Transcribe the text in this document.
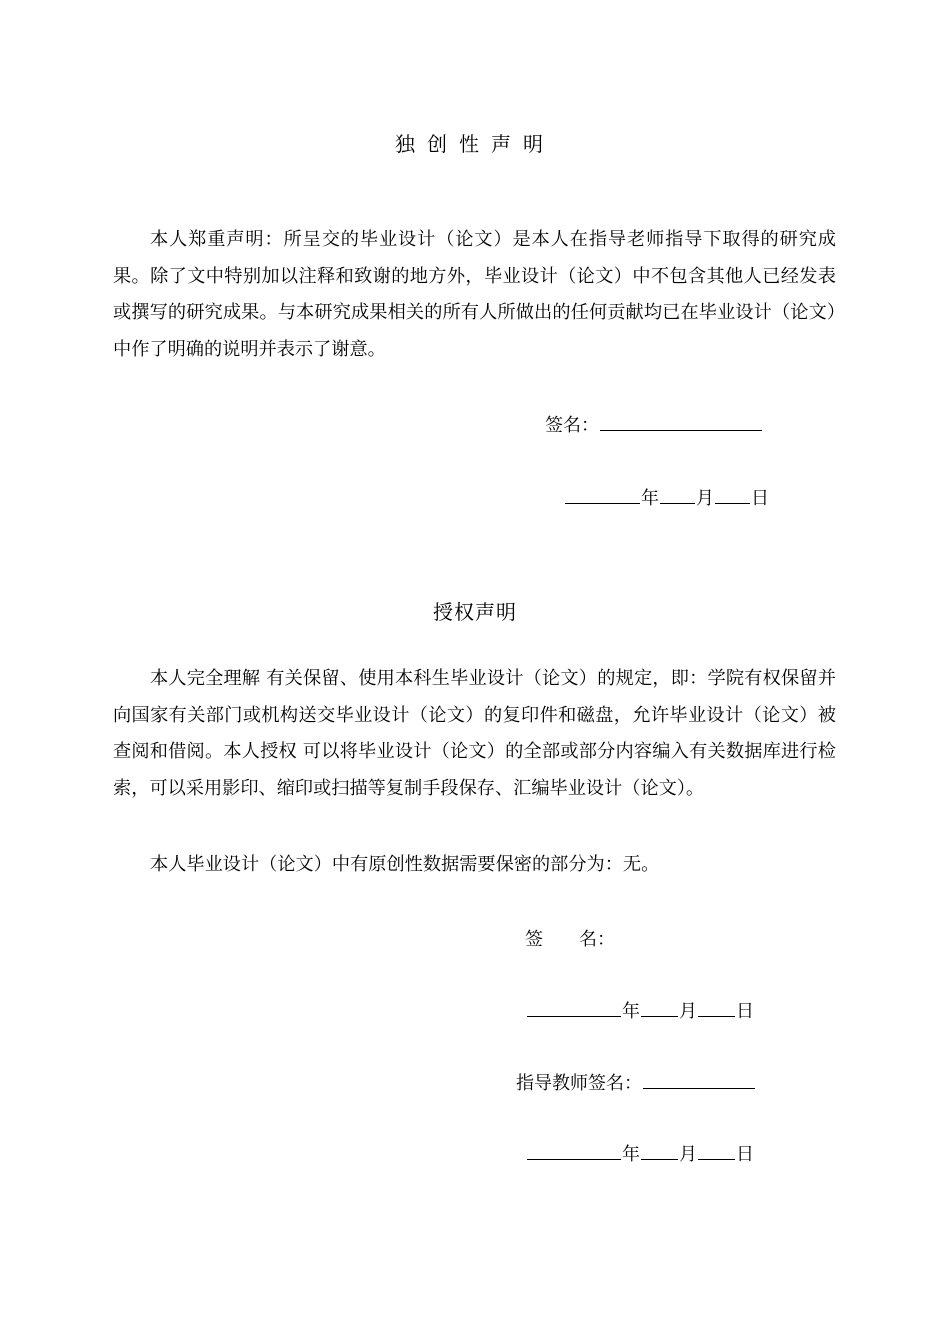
独创性声明
本人郑重声明：所呈交的毕业设计（论文）是本人在指导老师指导下取得的研究成果。除了文中特别加以注释和致谢的地方外，毕业设计（论文）中不包含其他人已经发表或撰写的研究成果。与本研究成果相关的所有人所做出的任何贡献均已在毕业设计（论文）中作了明确的说明并表示了谢意。
签名：
年 月 日
授权声明
本人完全理解 有关保留、使用本科生毕业设计（论文）的规定，即：学院有权保留并向国家有关部门或机构送交毕业设计（论文）的复印件和磁盘，允许毕业设计（论文）被查阅和借阅。本人授权 可以将毕业设计（论文）的全部或部分内容编入有关数据库进行检索，可以采用影印、缩印或扫描等复制手段保存、汇编毕业设计（论文）。
本人毕业设计（论文）中有原创性数据需要保密的部分为：无。
签　　名：
年 月 日
指导教师签名：
年 月 日
